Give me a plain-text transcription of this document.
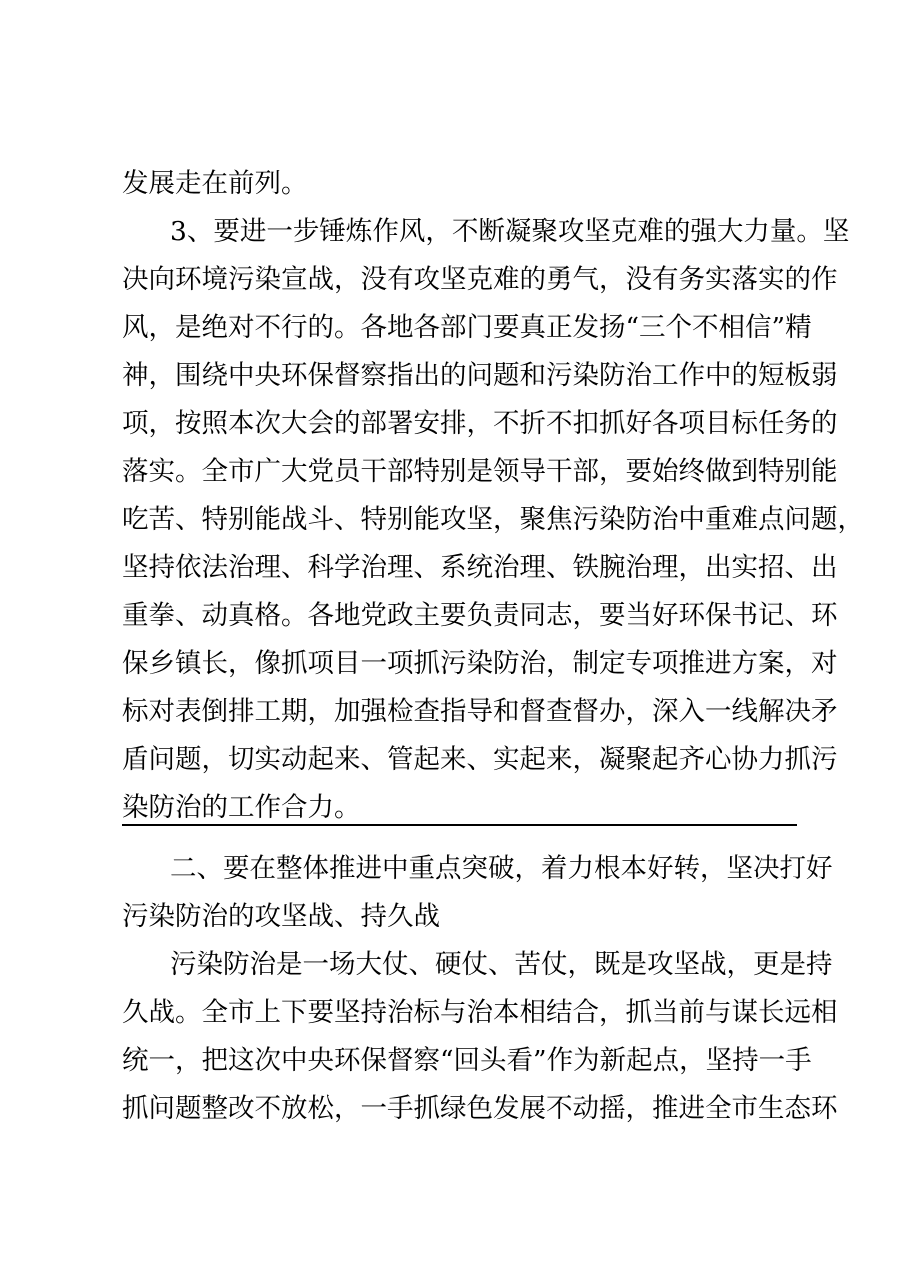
发展走在前列。
3、要进一步锤炼作风，不断凝聚攻坚克难的强大力量。坚
决向环境污染宣战，没有攻坚克难的勇气，没有务实落实的作
风，是绝对不行的。各地各部门要真正发扬“三个不相信”精
神，围绕中央环保督察指出的问题和污染防治工作中的短板弱
项，按照本次大会的部署安排，不折不扣抓好各项目标任务的
落实。全市广大党员干部特别是领导干部，要始终做到特别能
吃苦、特别能战斗、特别能攻坚，聚焦污染防治中重难点问题，
坚持依法治理、科学治理、系统治理、铁腕治理，出实招、出
重拳、动真格。各地党政主要负责同志，要当好环保书记、环
保乡镇长，像抓项目一项抓污染防治，制定专项推进方案，对
标对表倒排工期，加强检查指导和督查督办，深入一线解决矛
盾问题，切实动起来、管起来、实起来，凝聚起齐心协力抓污
染防治的工作合力。
二、要在整体推进中重点突破，着力根本好转，坚决打好
污染防治的攻坚战、持久战
污染防治是一场大仗、硬仗、苦仗，既是攻坚战，更是持
久战。全市上下要坚持治标与治本相结合，抓当前与谋长远相
统一，把这次中央环保督察“回头看”作为新起点，坚持一手
抓问题整改不放松，一手抓绿色发展不动摇，推进全市生态环
